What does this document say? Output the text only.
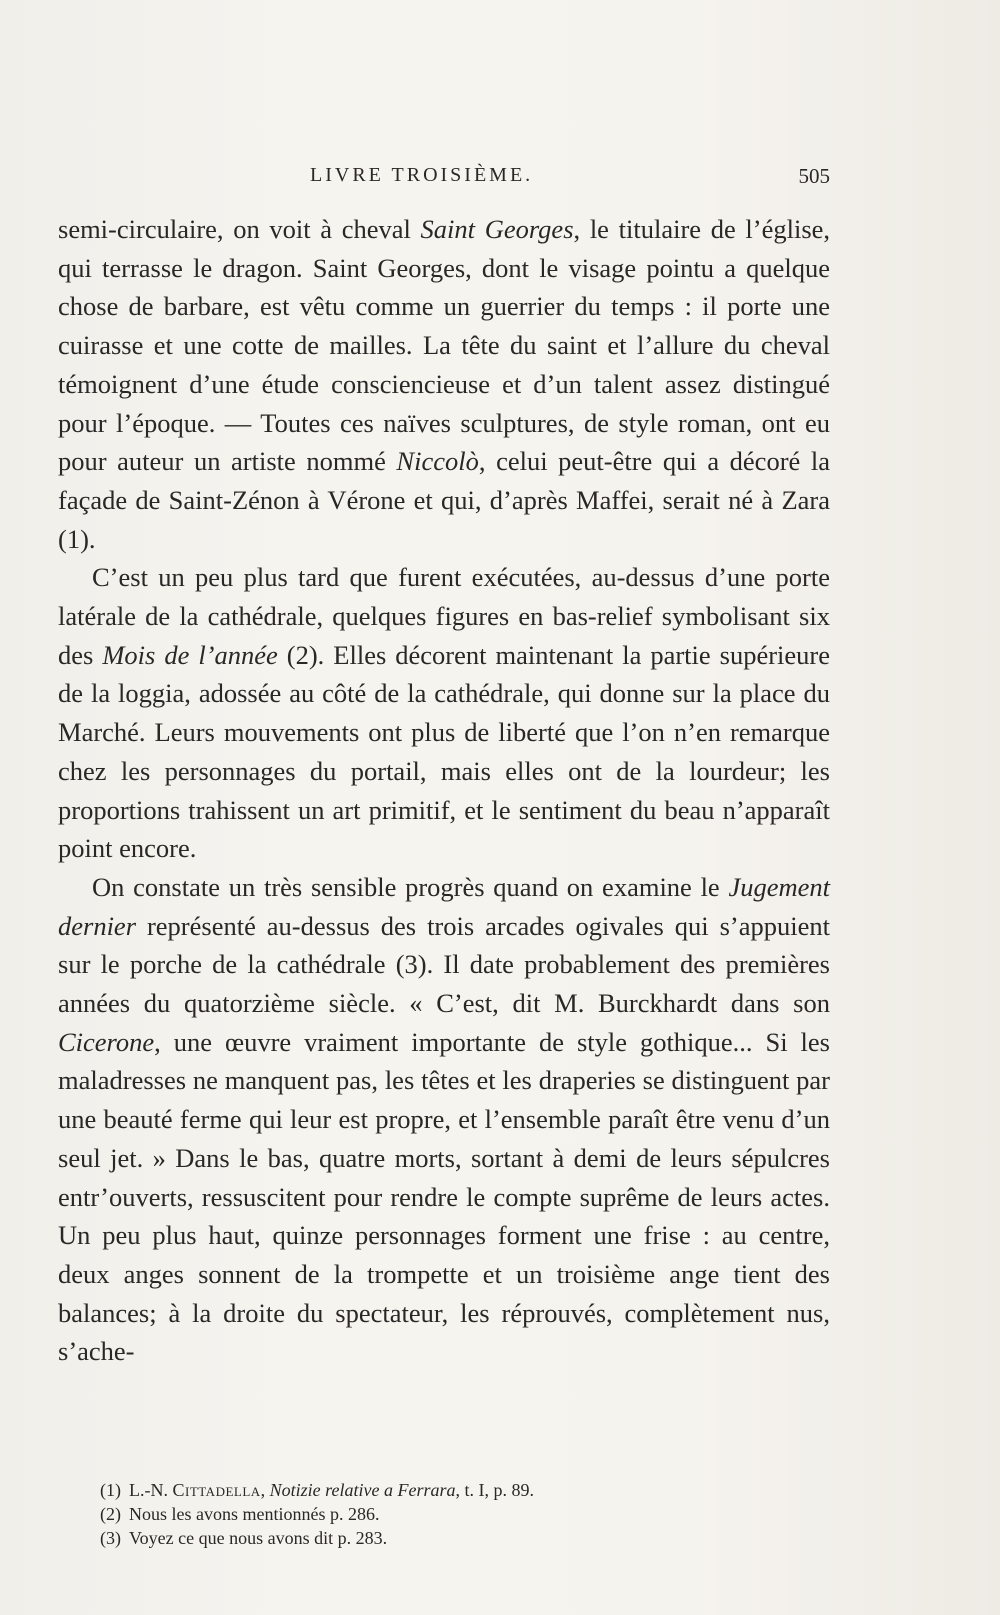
LIVRE TROISIÈME.	505

semi-circulaire, on voit à cheval Saint Georges, le titulaire de l’église, qui terrasse le dragon. Saint Georges, dont le visage pointu a quelque chose de barbare, est vêtu comme un guerrier du temps : il porte une cuirasse et une cotte de mailles. La tête du saint et l’allure du cheval témoignent d’une étude consciencieuse et d’un talent assez distingué pour l’époque. — Toutes ces naïves sculptures, de style roman, ont eu pour auteur un artiste nommé Niccolò, celui peut-être qui a décoré la façade de Saint-Zénon à Vérone et qui, d’après Maffei, serait né à Zara (1).

C’est un peu plus tard que furent exécutées, au-dessus d’une porte latérale de la cathédrale, quelques figures en bas-relief symbolisant six des Mois de l’année (2). Elles décorent maintenant la partie supérieure de la loggia, adossée au côté de la cathédrale, qui donne sur la place du Marché. Leurs mouvements ont plus de liberté que l’on n’en remarque chez les personnages du portail, mais elles ont de la lourdeur; les proportions trahissent un art primitif, et le sentiment du beau n’apparaît point encore.

On constate un très sensible progrès quand on examine le Jugement dernier représenté au-dessus des trois arcades ogivales qui s’appuient sur le porche de la cathédrale (3). Il date probablement des premières années du quatorzième siècle. « C’est, dit M. Burckhardt dans son Cicerone, une œuvre vraiment importante de style gothique... Si les maladresses ne manquent pas, les têtes et les draperies se distinguent par une beauté ferme qui leur est propre, et l’ensemble paraît être venu d’un seul jet. » Dans le bas, quatre morts, sortant à demi de leurs sépulcres entr’ouverts, ressuscitent pour rendre le compte suprême de leurs actes. Un peu plus haut, quinze personnages forment une frise : au centre, deux anges sonnent de la trompette et un troisième ange tient des balances; à la droite du spectateur, les réprouvés, complètement nus, s’ache-

(1) L.-N. Cittadella, Notizie relative a Ferrara, t. I, p. 89.
(2) Nous les avons mentionnés p. 286.
(3) Voyez ce que nous avons dit p. 283.
